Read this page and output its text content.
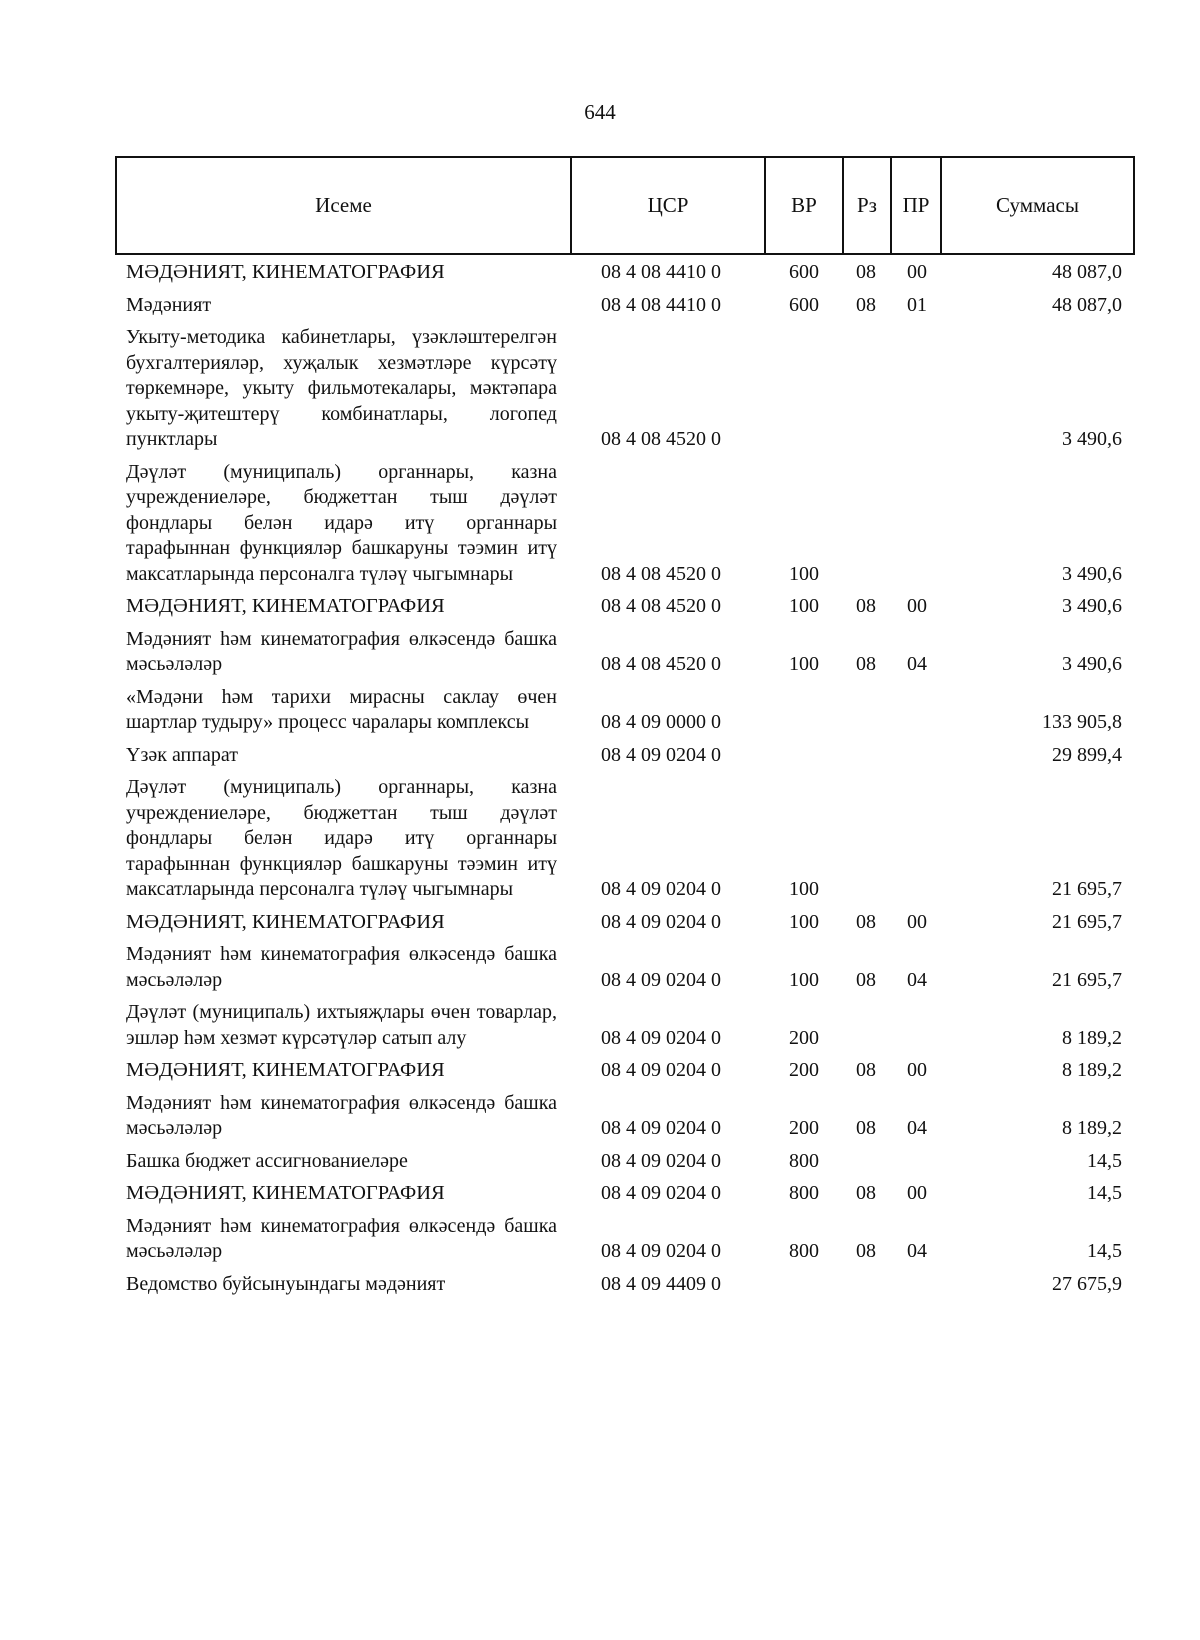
644
Исеме	ЦСР	ВР	Рз	ПР	Суммасы
МӘДӘНИЯТ, КИНЕМАТОГРАФИЯ	08 4 08 4410 0	600	08	00	48 087,0
Мәдәният	08 4 08 4410 0	600	08	01	48 087,0
Укыту-методика кабинетлары, үзәкләштерелгән бухгалтерияләр, хуҗалык хезмәтләре күрсәтү төркемнәре, укыту фильмотекалары, мәктәпара укыту-җитештерү комбинатлары, логопед пунктлары	08 4 08 4520 0				3 490,6
Дәүләт (муниципаль) органнары, казна учреждениеләре, бюджеттан тыш дәүләт фондлары белән идарә итү органнары тарафыннан функцияләр башкаруны тәэмин итү максатларында персоналга түләү чыгымнары	08 4 08 4520 0	100			3 490,6
МӘДӘНИЯТ, КИНЕМАТОГРАФИЯ	08 4 08 4520 0	100	08	00	3 490,6
Мәдәният һәм кинематография өлкәсендә башка мәсьәләләр	08 4 08 4520 0	100	08	04	3 490,6
«Мәдәни һәм тарихи мирасны саклау өчен шартлар тудыру» процесс чаралары комплексы	08 4 09 0000 0				133 905,8
Үзәк аппарат	08 4 09 0204 0				29 899,4
Дәүләт (муниципаль) органнары, казна учреждениеләре, бюджеттан тыш дәүләт фондлары белән идарә итү органнары тарафыннан функцияләр башкаруны тәэмин итү максатларында персоналга түләү чыгымнары	08 4 09 0204 0	100			21 695,7
МӘДӘНИЯТ, КИНЕМАТОГРАФИЯ	08 4 09 0204 0	100	08	00	21 695,7
Мәдәният һәм кинематография өлкәсендә башка мәсьәләләр	08 4 09 0204 0	100	08	04	21 695,7
Дәүләт (муниципаль) ихтыяҗлары өчен товарлар, эшләр һәм хезмәт күрсәтүләр сатып алу	08 4 09 0204 0	200			8 189,2
МӘДӘНИЯТ, КИНЕМАТОГРАФИЯ	08 4 09 0204 0	200	08	00	8 189,2
Мәдәният һәм кинематография өлкәсендә башка мәсьәләләр	08 4 09 0204 0	200	08	04	8 189,2
Башка бюджет ассигнованиеләре	08 4 09 0204 0	800			14,5
МӘДӘНИЯТ, КИНЕМАТОГРАФИЯ	08 4 09 0204 0	800	08	00	14,5
Мәдәният һәм кинематография өлкәсендә башка мәсьәләләр	08 4 09 0204 0	800	08	04	14,5
Ведомство буйсынуындагы мәдәният	08 4 09 4409 0				27 675,9
